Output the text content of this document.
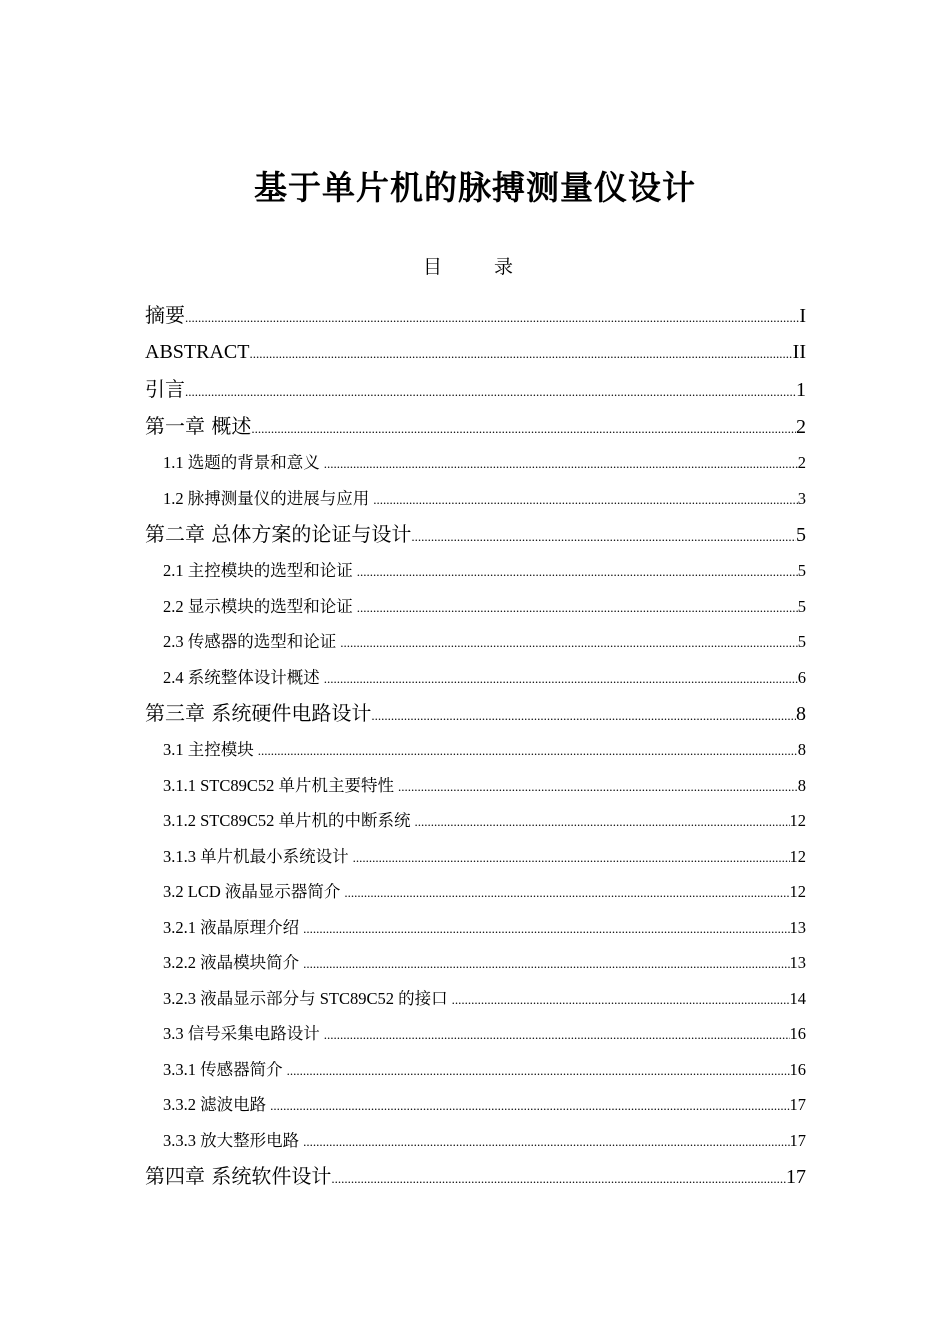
基于单片机的脉搏测量仪设计
目 录
摘要 .....	I
ABSTRACT .....	II
引言 .....	1
第一章 概述 .....	2
1.1 选题的背景和意义 .....	2
1.2 脉搏测量仪的进展与应用 .....	3
第二章 总体方案的论证与设计 .....	5
2.1 主控模块的选型和论证 .....	5
2.2 显示模块的选型和论证 .....	5
2.3 传感器的选型和论证 .....	5
2.4 系统整体设计概述 .....	6
第三章 系统硬件电路设计 .....	8
3.1 主控模块 .....	8
3.1.1 STC89C52 单片机主要特性 .....	8
3.1.2 STC89C52 单片机的中断系统 .....	12
3.1.3 单片机最小系统设计 .....	12
3.2 LCD 液晶显示器简介 .....	12
3.2.1 液晶原理介绍 .....	13
3.2.2 液晶模块简介 .....	13
3.2.3 液晶显示部分与 STC89C52 的接口 .....	14
3.3 信号采集电路设计 .....	16
3.3.1 传感器简介 .....	16
3.3.2 滤波电路 .....	17
3.3.3 放大整形电路 .....	17
第四章 系统软件设计 .....	17
